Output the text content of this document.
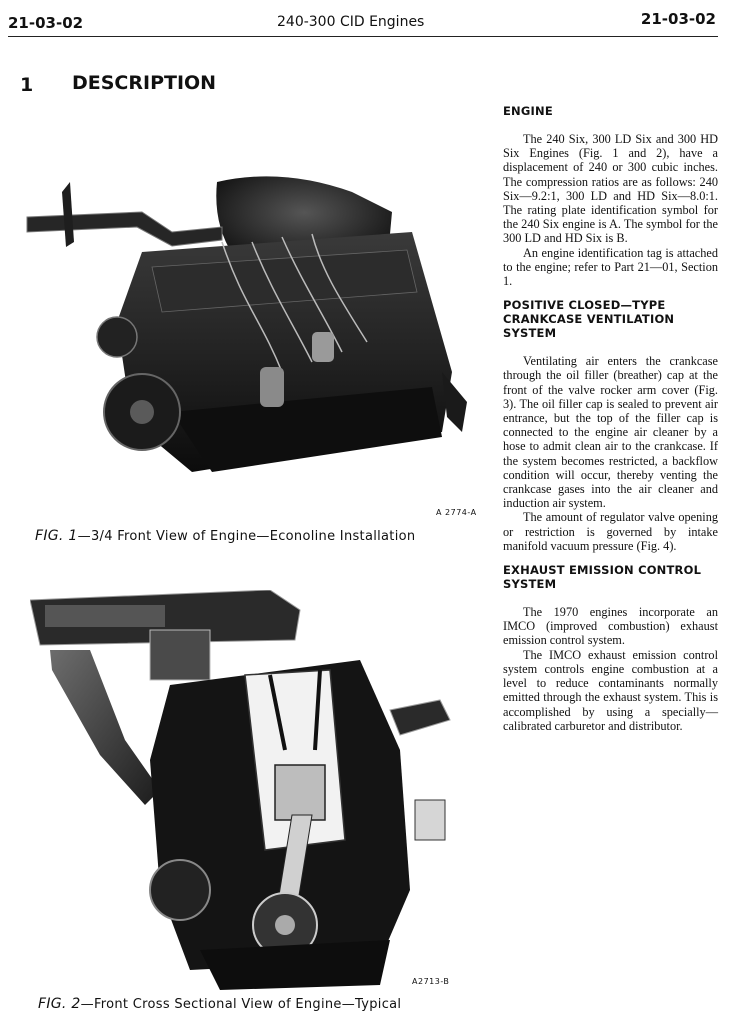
21-03-02	240-300 CID Engines	21-03-02
1 DESCRIPTION
A 2774-A
FIG. 1—3/4 Front View of Engine—Econoline Installation
A2713-B
FIG. 2—Front Cross Sectional View of Engine—Typical
ENGINE

The 240 Six, 300 LD Six and 300 HD Six Engines (Fig. 1 and 2), have a displacement of 240 or 300 cubic inches. The compression ratios are as follows: 240 Six—9.2:1, 300 LD and HD Six—8.0:1. The rating plate identification symbol for the 240 Six engine is A. The symbol for the 300 LD and HD Six is B.

An engine identification tag is attached to the engine; refer to Part 21—01, Section 1.

POSITIVE CLOSED—TYPE CRANKCASE VENTILATION SYSTEM

Ventilating air enters the crankcase through the oil filler (breather) cap at the front of the valve rocker arm cover (Fig. 3). The oil filler cap is sealed to prevent air entrance, but the top of the filler cap is connected to the engine air cleaner by a hose to admit clean air to the crankcase. If the system becomes restricted, a backflow condition will occur, thereby venting the crankcase gases into the air cleaner and induction air system.

The amount of regulator valve opening or restriction is governed by intake manifold vacuum pressure (Fig. 4).

EXHAUST EMISSION CONTROL SYSTEM

The 1970 engines incorporate an IMCO (improved combustion) exhaust emission control system.

The IMCO exhaust emission control system controls engine combustion at a level to reduce contaminants normally emitted through the exhaust system. This is accomplished by using a specially—calibrated carburetor and distributor.
